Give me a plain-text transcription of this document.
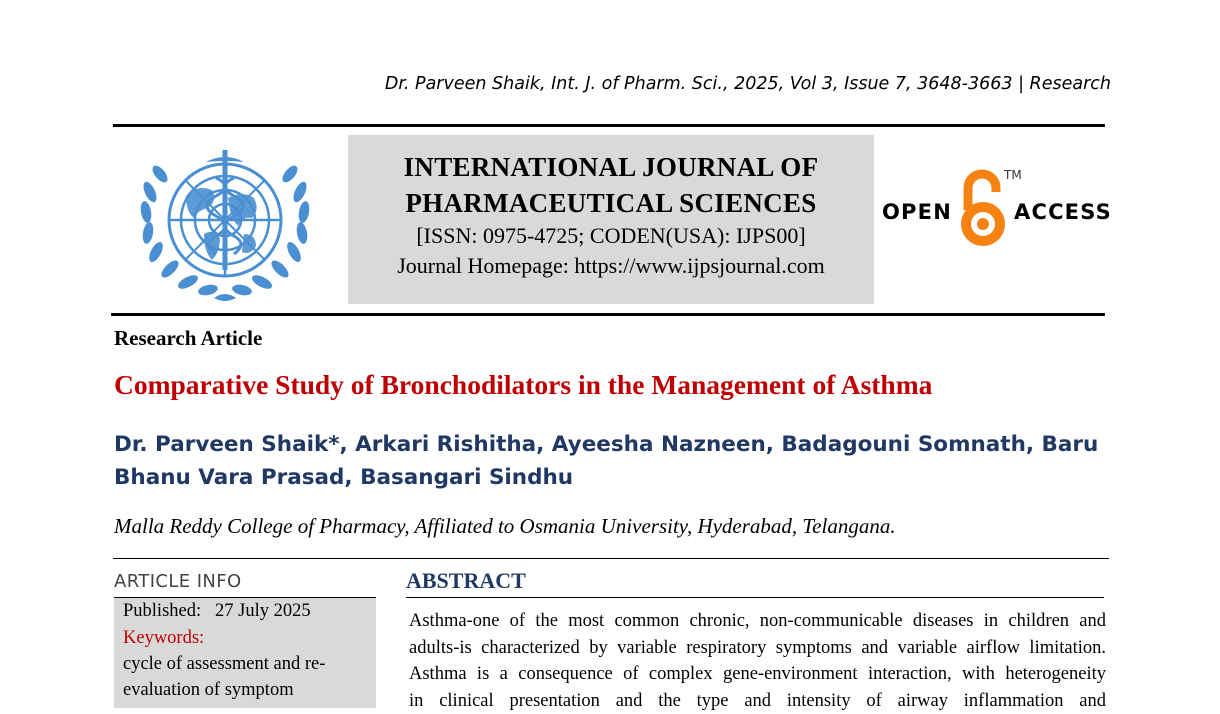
Dr. Parveen Shaik, Int. J. of Pharm. Sci., 2025, Vol 3, Issue 7, 3648-3663 | Research
INTERNATIONAL JOURNAL OF
PHARMACEUTICAL SCIENCES
[ISSN: 0975-4725; CODEN(USA): IJPS00]
Journal Homepage: https://www.ijpsjournal.com
OPEN
TM
ACCESS
Research Article
Comparative Study of Bronchodilators in the Management of Asthma
Dr. Parveen Shaik*, Arkari Rishitha, Ayeesha Nazneen, Badagouni Somnath, Baru
Bhanu Vara Prasad, Basangari Sindhu
Malla Reddy College of Pharmacy, Affiliated to Osmania University, Hyderabad, Telangana.
ARTICLE INFO
Published: 27 July 2025
Keywords:
cycle of assessment and re-
evaluation of symptom
ABSTRACT
Asthma-one of the most common chronic, non-communicable diseases in children and
adults-is characterized by variable respiratory symptoms and variable airflow limitation.
Asthma is a consequence of complex gene-environment interaction, with heterogeneity
in clinical presentation and the type and intensity of airway inflammation and
